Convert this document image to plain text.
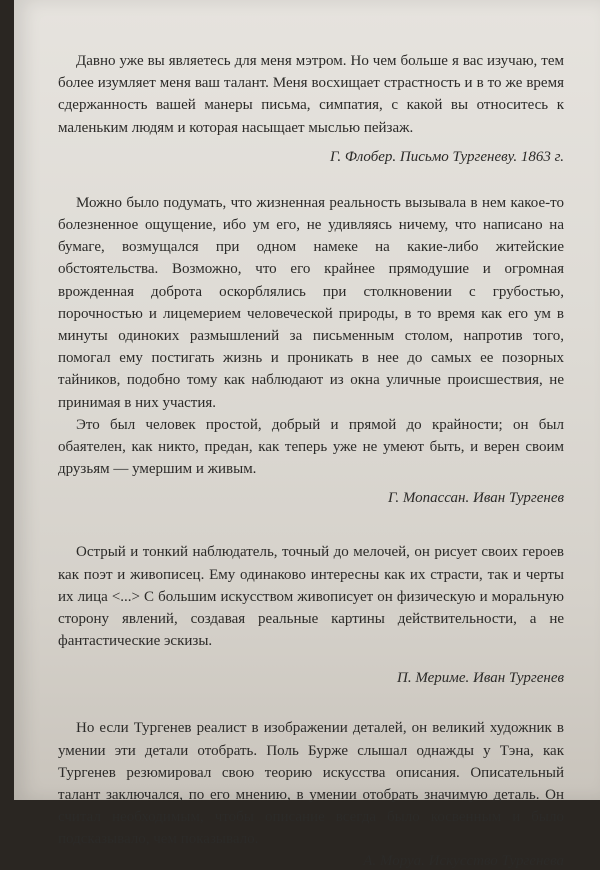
Давно уже вы являетесь для меня мэтром. Но чем больше я вас изучаю, тем более изумляет меня ваш талант. Меня восхищает страстность и в то же время сдержанность вашей манеры письма, симпатия, с какой вы относитесь к маленьким людям и которая насыщает мыслью пейзаж.

Г. Флобер. Письмо Тургеневу. 1863 г.

Можно было подумать, что жизненная реальность вызывала в нем какое-то болезненное ощущение, ибо ум его, не удивляясь ничему, что написано на бумаге, возмущался при одном намеке на какие-либо житейские обстоятельства. Возможно, что его крайнее прямодушие и огромная врожденная доброта оскорблялись при столкновении с грубостью, порочностью и лицемерием человеческой природы, в то время как его ум в минуты одиноких размышлений за письменным столом, напротив того, помогал ему постигать жизнь и проникать в нее до самых ее позорных тайников, подобно тому как наблюдают из окна уличные происшествия, не принимая в них участия.

Это был человек простой, добрый и прямой до крайности; он был обаятелен, как никто, предан, как теперь уже не умеют быть, и верен своим друзьям — умершим и живым.

Г. Мопассан. Иван Тургенев

Острый и тонкий наблюдатель, точный до мелочей, он рисует своих героев как поэт и живописец. Ему одинаково интересны как их страсти, так и черты их лица <...> С большим искусством живописует он физическую и моральную сторону явлений, создавая реальные картины действительности, а не фантастические эскизы.

П. Мериме. Иван Тургенев

Но если Тургенев реалист в изображении деталей, он великий художник в умении эти детали отобрать. Поль Бурже слышал однажды у Тэна, как Тургенев резюмировал свою теорию искусства описания. Описательный талант заключался, по его мнению, в умении отобрать значимую деталь. Он считал необходимым, чтобы описание всегда было косвенным и было подсказывало, чем показывало.

А. Моруа. Искусство Тургенева
